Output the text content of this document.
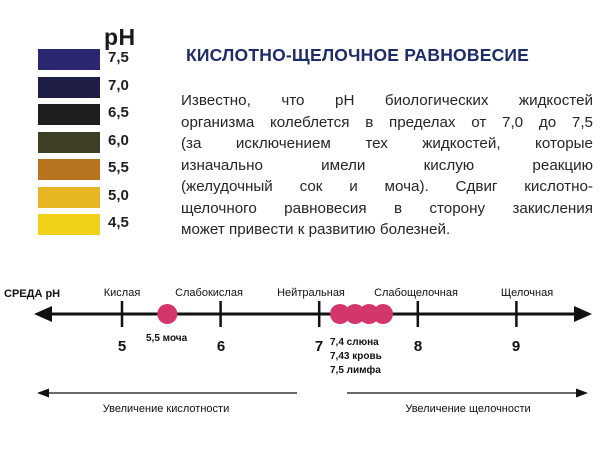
pH
7,5
7,0
6,5
6,0
5,5
5,0
4,5
КИСЛОТНО-ЩЕЛОЧНОЕ РАВНОВЕСИЕ
Известно, что pH биологических жидкостей
организма колеблется в пределах от 7,0 до 7,5
(за исключением тех жидкостей, которые
изначально имели кислую реакцию
(желудочный сок и моча). Сдвиг кислотно-
щелочного равновесия в сторону закисления
может привести к развитию болезней.
СРЕДА pH	Кислая	Слабокислая	Нейтральная	Слабощелочная	Щелочная
5	6	7	8	9
5,5 моча	7,4 слюна
7,43 кровь
7,5 лимфа
Увеличение кислотности	Увеличение щелочности
